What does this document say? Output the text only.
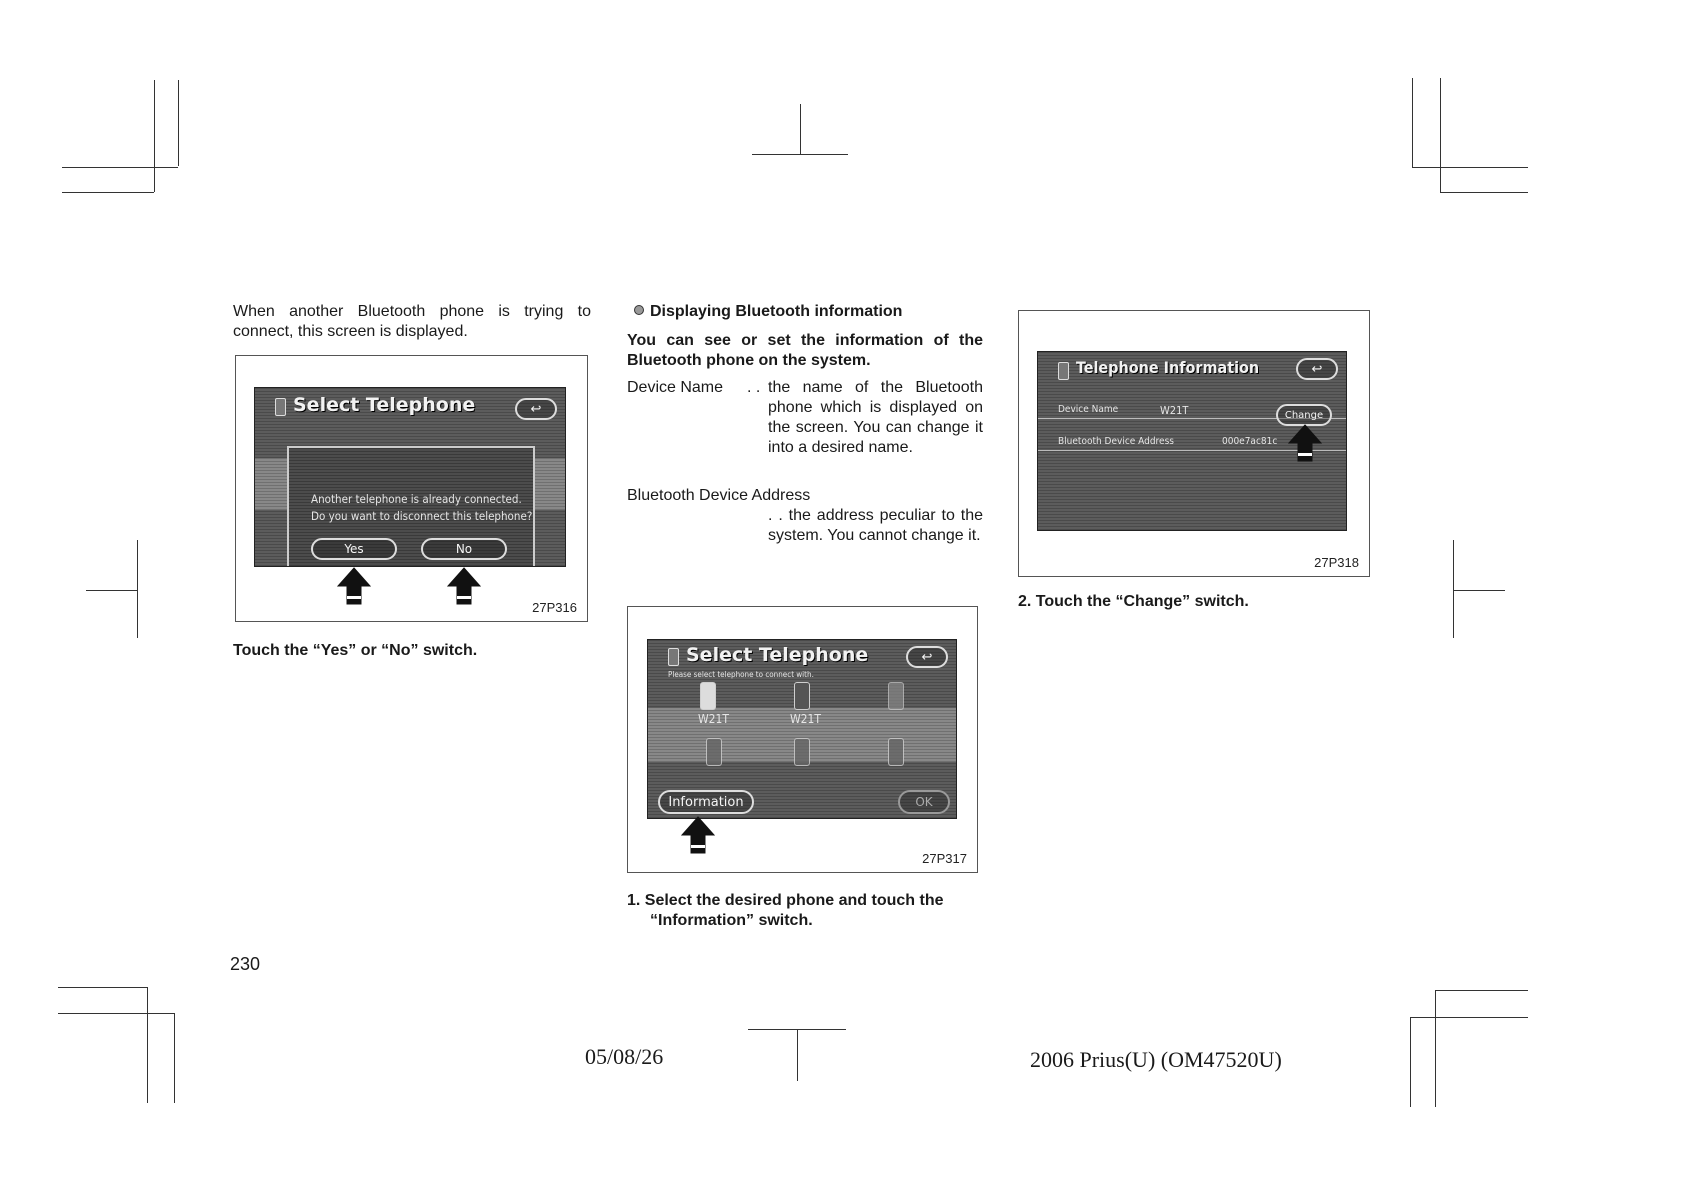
When another Bluetooth phone is trying to connect, this screen is displayed.

Select Telephone	↩
Another telephone is already connected.
Do you want to disconnect this telephone?
Yes	No
27P316

Touch the “Yes” or “No” switch.

Displaying Bluetooth information

You can see or set the information of the Bluetooth phone on the system.

Device Name . . the name of the Bluetooth phone which is displayed on the screen. You can change it into a desired name.
Bluetooth Device Address
. . the address peculiar to the system. You cannot change it.
Select Telephone
Please select telephone to connect with.
↩
W21T	W21T
Information	OK
27P317

1. Select the desired phone and touch the “Information” switch.

Telephone Information	↩
Device Name	W21T	Change
Bluetooth Device Address	000e7ac81c
27P318

2. Touch the “Change” switch.

230
05/08/26	2006 Prius(U) (OM47520U)
